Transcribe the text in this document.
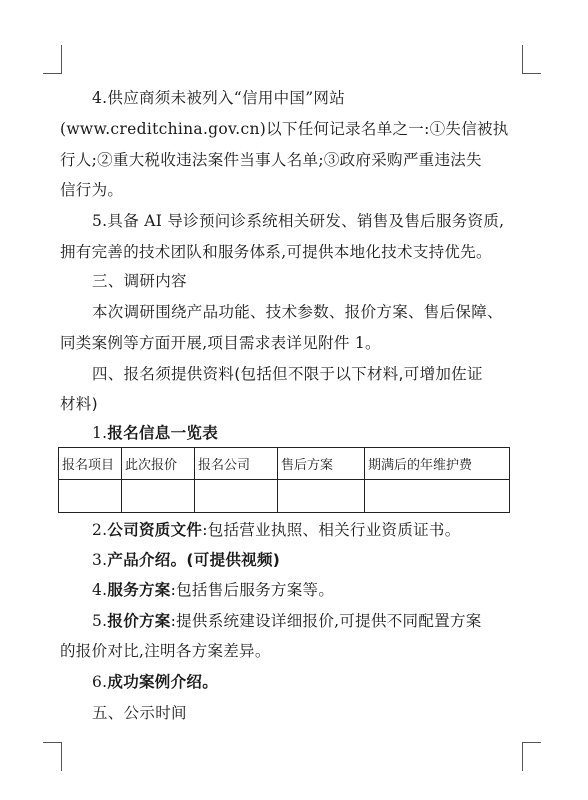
4.供应商须未被列入“信用中国”网站
(www.creditchina.gov.cn)以下任何记录名单之一:①失信被执
行人;②重大税收违法案件当事人名单;③政府采购严重违法失
信行为。
5.具备 AI 导诊预问诊系统相关研发、销售及售后服务资质,
拥有完善的技术团队和服务体系,可提供本地化技术支持优先。
三、调研内容
本次调研围绕产品功能、技术参数、报价方案、售后保障、
同类案例等方面开展,项目需求表详见附件 1。
四、报名须提供资料(包括但不限于以下材料,可增加佐证
材料)
1.报名信息一览表
报名项目	此次报价	报名公司	售后方案	期满后的年维护费

2.公司资质文件:包括营业执照、相关行业资质证书。
3.产品介绍。(可提供视频)
4.服务方案:包括售后服务方案等。
5.报价方案:提供系统建设详细报价,可提供不同配置方案
的报价对比,注明各方案差异。
6.成功案例介绍。
五、公示时间
